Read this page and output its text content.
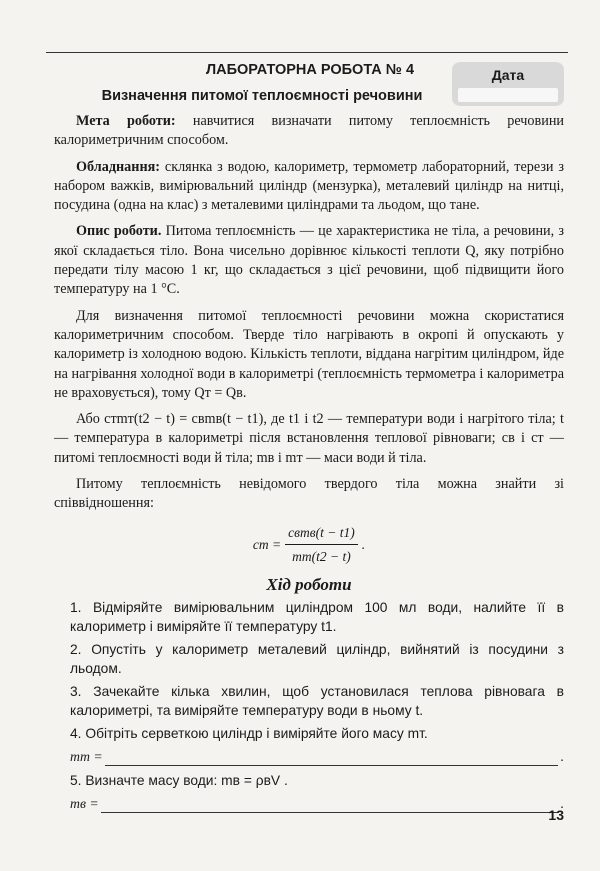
ЛАБОРАТОРНА РОБОТА № 4
Визначення питомої теплоємності речовини
Дата

Мета роботи: навчитися визначати питому теплоємність речовини калориметричним способом.

Обладнання: склянка з водою, калориметр, термометр лабораторний, терези з набором важків, вимірювальний циліндр (мензурка), металевий циліндр на нитці, посудина (одна на клас) з металевими циліндрами та льодом, що тане.

Опис роботи. Питома теплоємність — це характеристика не тіла, а речовини, з якої складається тіло. Вона чисельно дорівнює кількості теплоти Q, яку потрібно передати тілу масою 1 кг, що складається з цієї речовини, щоб підвищити його температуру на 1 °С.

Для визначення питомої теплоємності речовини можна скористатися калориметричним способом. Тверде тіло нагрівають в окропі й опускають у калориметр із холодною водою. Кількість теплоти, віддана нагрітим циліндром, йде на нагрівання холодної води в калориметрі (теплоємність термометра і калориметра не враховується), тому Qт = Qв.

Або cтmт(t2 − t) = cвmв(t − t1), де t1 і t2 — температури води і нагрітого тіла; t — температура в калориметрі після встановлення теплової рівноваги; cв і cт — питомі теплоємності води й тіла; mв і mт — маси води й тіла.

Питому теплоємність невідомого твердого тіла можна знайти зі співвідношення:

cт = $\frac{\text{cвmв(t − t1)}}{mт(t2 - t)}$ .
Хід роботи

1. Відміряйте вимірювальним циліндром 100 мл води, налийте її в калориметр і виміряйте її температуру t1.

2. Опустіть у калориметр металевий циліндр, вийнятий із посудини з льодом.

3. Зачекайте кілька хвилин, щоб установилася теплова рівновага в калориметрі, та виміряйте температуру води в ньому t.

4. Обітріть серветкою циліндр і виміряйте його масу mт.

mт =	.

5. Визначте масу води: mв = ρвV .

mв =	.
13
